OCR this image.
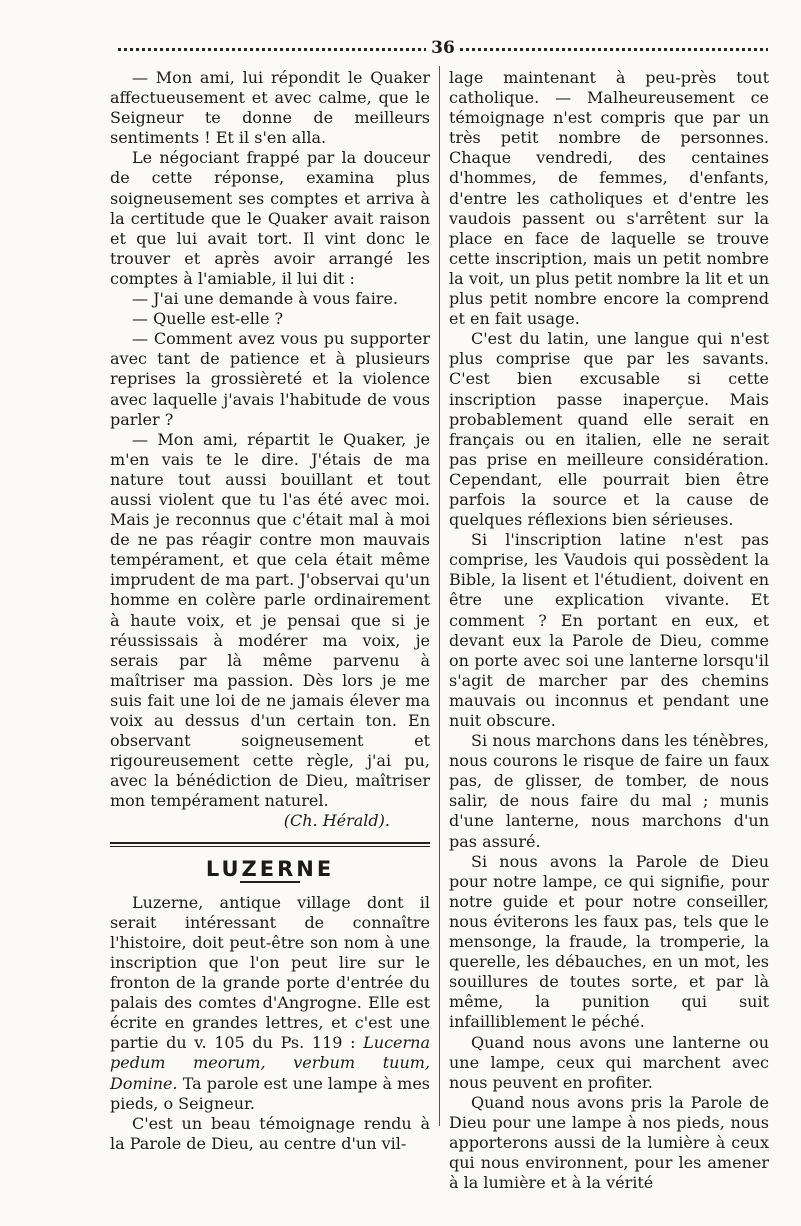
36

— Mon ami, lui répondit le Quaker affectueusement et avec calme, que le Seigneur te donne de meilleurs sentiments ! Et il s'en alla.

Le négociant frappé par la douceur de cette réponse, examina plus soigneusement ses comptes et arriva à la certitude que le Quaker avait raison et que lui avait tort. Il vint donc le trouver et après avoir arrangé les comptes à l'amiable, il lui dit :

— J'ai une demande à vous faire.

— Quelle est-elle ?

— Comment avez vous pu supporter avec tant de patience et à plusieurs reprises la grossièreté et la violence avec laquelle j'avais l'habitude de vous parler ?

— Mon ami, répartit le Quaker, je m'en vais te le dire. J'étais de ma nature tout aussi bouillant et tout aussi violent que tu l'as été avec moi. Mais je reconnus que c'était mal à moi de ne pas réagir contre mon mauvais tempérament, et que cela était même imprudent de ma part. J'observai qu'un homme en colère parle ordinairement à haute voix, et je pensai que si je réussissais à modérer ma voix, je serais par là même parvenu à maîtriser ma passion. Dès lors je me suis fait une loi de ne jamais élever ma voix au dessus d'un certain ton. En observant soigneusement et rigoureusement cette règle, j'ai pu, avec la bénédiction de Dieu, maîtriser mon tempérament naturel.

(Ch. Hérald).

LUZERNE

Luzerne, antique village dont il serait intéressant de connaître l'histoire, doit peut-être son nom à une inscription que l'on peut lire sur le fronton de la grande porte d'entrée du palais des comtes d'Angrogne. Elle est écrite en grandes lettres, et c'est une partie du v. 105 du Ps. 119 : Lucerna pedum meorum, verbum tuum, Domine. Ta parole est une lampe à mes pieds, o Seigneur.

C'est un beau témoignage rendu à la Parole de Dieu, au centre d'un vil-

lage maintenant à peu-près tout catholique. — Malheureusement ce témoignage n'est compris que par un très petit nombre de personnes. Chaque vendredi, des centaines d'hommes, de femmes, d'enfants, d'entre les catholiques et d'entre les vaudois passent ou s'arrêtent sur la place en face de laquelle se trouve cette inscription, mais un petit nombre la voit, un plus petit nombre la lit et un plus petit nombre encore la comprend et en fait usage.

C'est du latin, une langue qui n'est plus comprise que par les savants. C'est bien excusable si cette inscription passe inaperçue. Mais probablement quand elle serait en français ou en italien, elle ne serait pas prise en meilleure considération. Cependant, elle pourrait bien être parfois la source et la cause de quelques réflexions bien sérieuses.

Si l'inscription latine n'est pas comprise, les Vaudois qui possèdent la Bible, la lisent et l'étudient, doivent en être une explication vivante. Et comment ? En portant en eux, et devant eux la Parole de Dieu, comme on porte avec soi une lanterne lorsqu'il s'agit de marcher par des chemins mauvais ou inconnus et pendant une nuit obscure.

Si nous marchons dans les ténèbres, nous courons le risque de faire un faux pas, de glisser, de tomber, de nous salir, de nous faire du mal ; munis d'une lanterne, nous marchons d'un pas assuré.

Si nous avons la Parole de Dieu pour notre lampe, ce qui signifie, pour notre guide et pour notre conseiller, nous éviterons les faux pas, tels que le mensonge, la fraude, la tromperie, la querelle, les débauches, en un mot, les souillures de toutes sorte, et par là même, la punition qui suit infailliblement le péché.

Quand nous avons une lanterne ou une lampe, ceux qui marchent avec nous peuvent en profiter.

Quand nous avons pris la Parole de Dieu pour une lampe à nos pieds, nous apporterons aussi de la lumière à ceux qui nous environnent, pour les amener à la lumière et à la vérité
